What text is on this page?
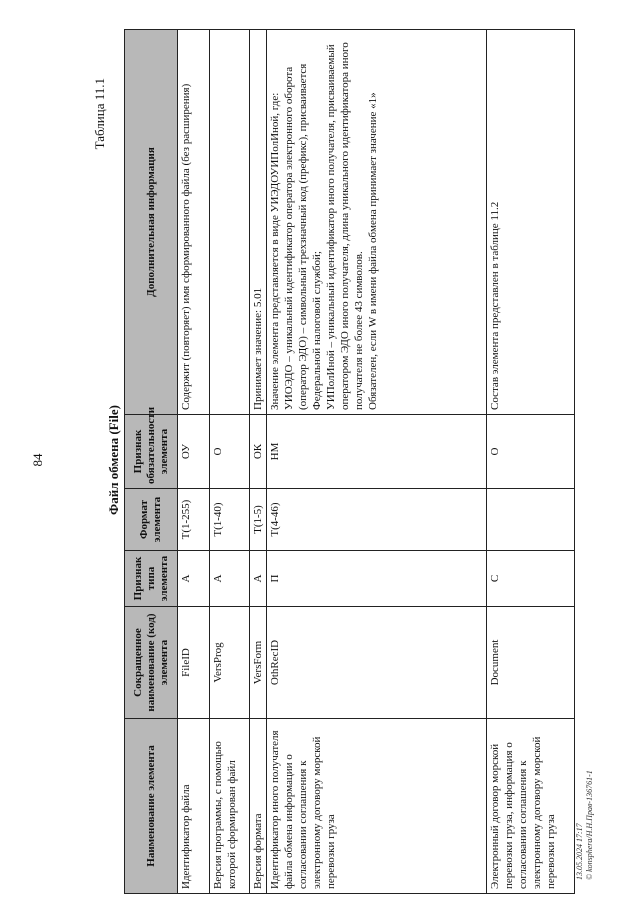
84
Таблица 11.1
Файл обмена (File)
Наименование элемента	Сокращенное наименование (код) элемента	Признак типа элемента	Формат элемента	Признак обязательности элемента	Дополнительная информация
Идентификатор файла	FileID	А	T(1-255)	ОУ	Содержит (повторяет) имя сформированного файла (без расширения)
Версия программы, с помощью которой сформирован файл	VersProg	А	T(1-40)	О	
Версия формата	VersForm	А	T(1-5)	ОК	Принимает значение: 5.01
Идентификатор иного получателя файла обмена информации о согласовании соглашения к электронному договору морской перевозки груза	OthRecID	П	T(4-46)	НМ	Значение элемента представляется в виде УИЭДОУИПолИной, где: УИОЭДО – уникальный идентификатор оператора электронного оборота (оператор ЭДО) – символьный трехзначный код (префикс), присваивается Федеральной налоговой службой; УИПолИной – уникальный идентификатор иного получателя, присваиваемый оператором ЭДО иного получателя, длина уникального идентификатора иного получателя не более 43 символов. Обязателен, если W в имени файла обмена принимает значение «1»

Электронный договор морской перевозки груза, информация о согласовании соглашения к электронному договору морской перевозки груза	Document	С		О	Состав элемента представлен в таблице 11.2
13.05.2024 17:17 © konsphera/Н.Н.Прав-136761-1
